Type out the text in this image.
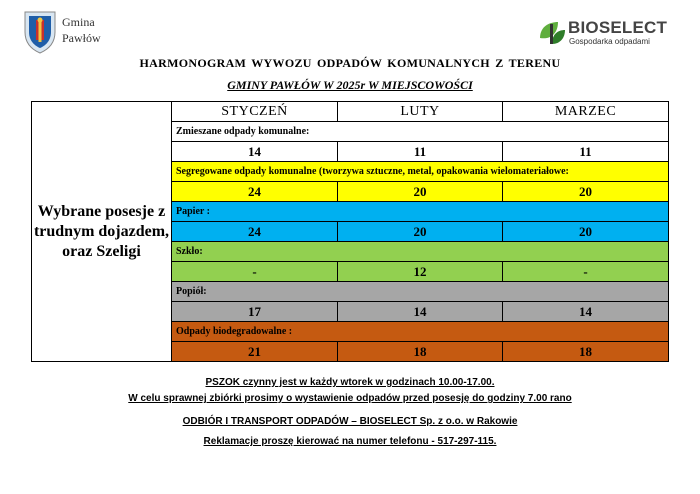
Gmina
Pawłów
BIOSELECT
Gospodarka odpadami
HARMONOGRAM WYWOZU ODPADÓW KOMUNALNYCH Z TERENU
GMINY PAWŁÓW W 2025r W MIEJSCOWOŚCI
Wybrane posesje z trudnym dojazdem, oraz Szeligi	STYCZEŃ	LUTY	MARZEC
	Zmieszane odpady komunalne:		
	14	11	11
	Segregowane odpady komunalne (tworzywa sztuczne, metal, opakowania wielomateriałowe:		
	24	20	20
	Papier :		
	24	20	20
	Szkło:		
	-	12	-
	Popiół:		
	17	14	14
	Odpady biodegradowalne :		
	21	18	18
PSZOK czynny jest w każdy wtorek w godzinach 10.00-17.00.
W celu sprawnej zbiórki prosimy o wystawienie odpadów przed posesję do godziny 7.00 rano
ODBIÓR I TRANSPORT ODPADÓW – BIOSELECT Sp. z o.o. w Rakowie
Reklamacje proszę kierować na numer telefonu - 517-297-115.
